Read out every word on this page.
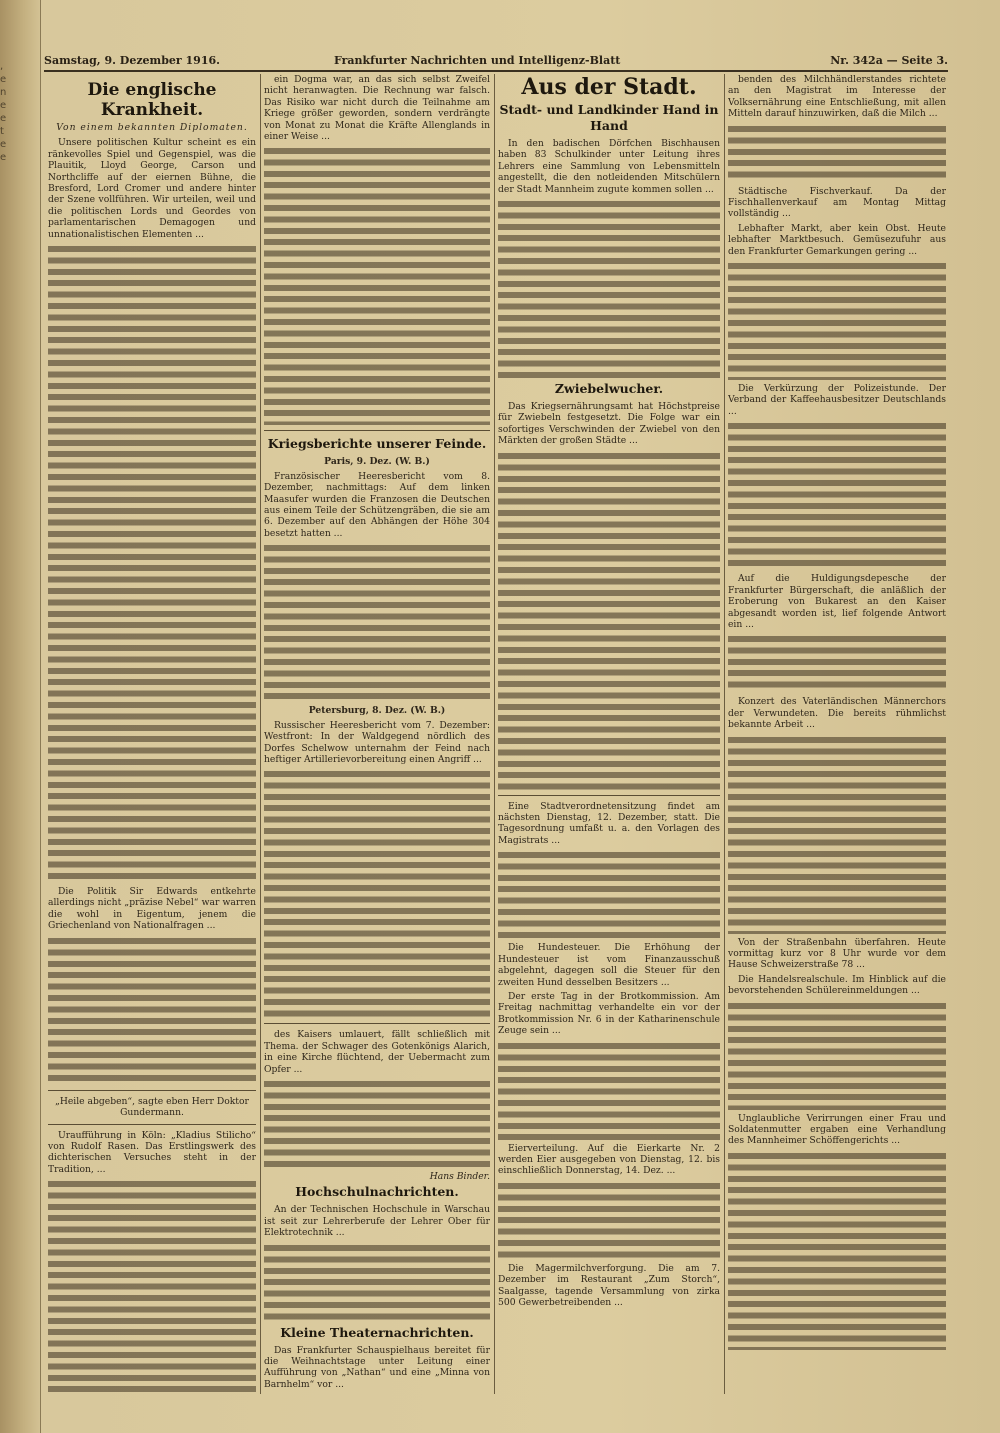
,
e
n
e
e
t
e
e
Samstag, 9. Dezember 1916.	Frankfurter Nachrichten und Intelligenz-Blatt	Nr. 342a — Seite 3.
Die englische Krankheit.
Von einem bekannten Diplomaten.

Unsere politischen Kultur scheint es ein ränkevolles Spiel und Gegenspiel, was die Plauitik, Lloyd George, Carson und Northcliffe auf der eiernen Bühne, die Bresford, Lord Cromer und andere hinter der Szene vollführen. Wir urteilen, weil und die politischen Lords und Geordes von parlamentarischen Demagogen und unnationalistischen Elementen ...

Die Politik Sir Edwards entkehrte allerdings nicht „präzise Nebel“ war warren die wohl in Eigentum, jenem die Griechenland von Nationalfragen ...

„Heile abgeben“, sagte eben Herr Doktor Gundermann.

Uraufführung in Köln: „Kladius Stilicho“ von Rudolf Rasen. Das Erstlingswerk des dichterischen Versuches steht in der Tradition, ...

ein Dogma war, an das sich selbst Zweifel nicht heranwagten. Die Rechnung war falsch. Das Risiko war nicht durch die Teilnahme am Kriege größer geworden, sondern verdrängte von Monat zu Monat die Kräfte Allenglands in einer Weise ...

Kriegsberichte unserer Feinde.
Paris, 9. Dez. (W. B.)

Französischer Heeresbericht vom 8. Dezember, nachmittags: Auf dem linken Maasufer wurden die Franzosen die Deutschen aus einem Teile der Schützengräben, die sie am 6. Dezember auf den Abhängen der Höhe 304 besetzt hatten ...

Petersburg, 8. Dez. (W. B.)

Russischer Heeresbericht vom 7. Dezember: Westfront: In der Waldgegend nördlich des Dorfes Schelwow unternahm der Feind nach heftiger Artillerievorbereitung einen Angriff ...

des Kaisers umlauert, fällt schließlich mit Thema. der Schwager des Gotenkönigs Alarich, in eine Kirche flüchtend, der Uebermacht zum Opfer ...

Hans Binder.
Hochschulnachrichten.

An der Technischen Hochschule in Warschau ist seit zur Lehrerberufe der Lehrer Ober für Elektrotechnik ...

Kleine Theaternachrichten.

Das Frankfurter Schauspielhaus bereitet für die Weihnachtstage unter Leitung einer Aufführung von „Nathan“ und eine „Minna von Barnhelm“ vor ...

Aus der Stadt.
Stadt- und Landkinder Hand in Hand

In den badischen Dörfchen Bischhausen haben 83 Schulkinder unter Leitung ihres Lehrers eine Sammlung von Lebensmitteln angestellt, die den notleidenden Mitschülern der Stadt Mannheim zugute kommen sollen ...

Zwiebelwucher.

Das Kriegsernährungsamt hat Höchstpreise für Zwiebeln festgesetzt. Die Folge war ein sofortiges Verschwinden der Zwiebel von den Märkten der großen Städte ...

Eine Stadtverordnetensitzung findet am nächsten Dienstag, 12. Dezember, statt. Die Tagesordnung umfaßt u. a. den Vorlagen des Magistrats ...

Die Hundesteuer. Die Erhöhung der Hundesteuer ist vom Finanzausschuß abgelehnt, dagegen soll die Steuer für den zweiten Hund desselben Besitzers ...

Der erste Tag in der Brotkommission. Am Freitag nachmittag verhandelte ein vor der Brotkommission Nr. 6 in der Katharinenschule Zeuge sein ...

Eierverteilung. Auf die Eierkarte Nr. 2 werden Eier ausgegeben von Dienstag, 12. bis einschließlich Donnerstag, 14. Dez. ...

Die Magermilchverforgung. Die am 7. Dezember im Restaurant „Zum Storch“, Saalgasse, tagende Versammlung von zirka 500 Gewerbetreibenden ...

benden des Milchhändlerstandes richtete an den Magistrat im Interesse der Volksernährung eine Entschließung, mit allen Mitteln darauf hinzuwirken, daß die Milch ...

Städtische Fischverkauf. Da der Fischhallenverkauf am Montag Mittag vollständig ...

Lebhafter Markt, aber kein Obst. Heute lebhafter Marktbesuch. Gemüsezufuhr aus den Frankfurter Gemarkungen gering ...

Die Verkürzung der Polizeistunde. Der Verband der Kaffeehausbesitzer Deutschlands ...

Auf die Huldigungsdepesche der Frankfurter Bürgerschaft, die anläßlich der Eroberung von Bukarest an den Kaiser abgesandt worden ist, lief folgende Antwort ein ...

Konzert des Vaterländischen Männerchors der Verwundeten. Die bereits rühmlichst bekannte Arbeit ...

Von der Straßenbahn überfahren. Heute vormittag kurz vor 8 Uhr wurde vor dem Hause Schweizerstraße 78 ...

Die Handelsrealschule. Im Hinblick auf die bevorstehenden Schülereinmeldungen ...

Unglaubliche Verirrungen einer Frau und Soldatenmutter ergaben eine Verhandlung des Mannheimer Schöffengerichts ...
